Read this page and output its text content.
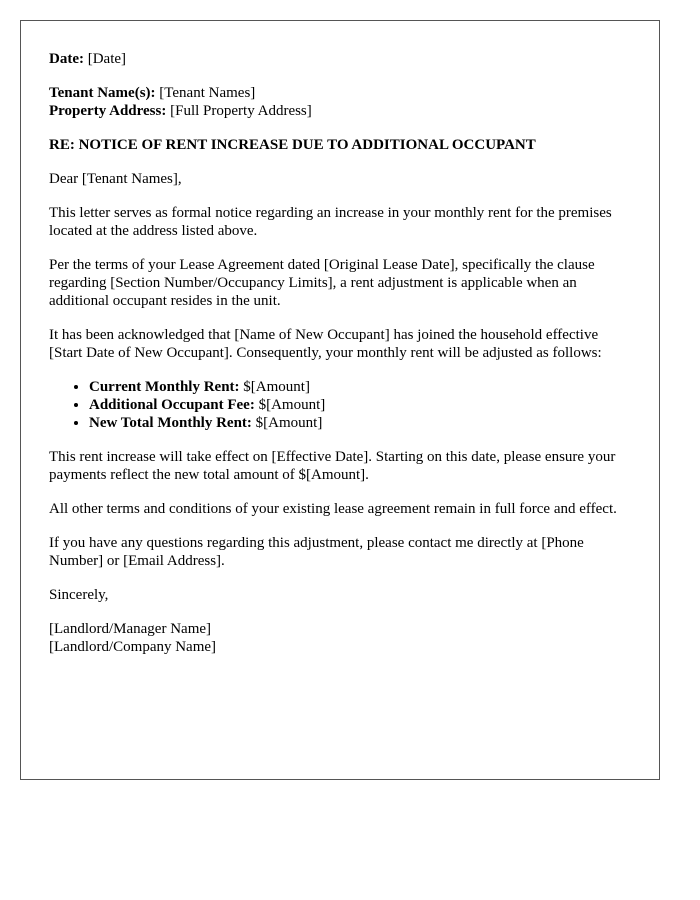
Date: [Date]

Tenant Name(s): [Tenant Names]
Property Address: [Full Property Address]

RE: NOTICE OF RENT INCREASE DUE TO ADDITIONAL OCCUPANT

Dear [Tenant Names],

This letter serves as formal notice regarding an increase in your monthly rent for the premises located at the address listed above.

Per the terms of your Lease Agreement dated [Original Lease Date], specifically the clause regarding [Section Number/Occupancy Limits], a rent adjustment is applicable when an additional occupant resides in the unit.

It has been acknowledged that [Name of New Occupant] has joined the household effective [Start Date of New Occupant]. Consequently, your monthly rent will be adjusted as follows:

• Current Monthly Rent: $[Amount]
• Additional Occupant Fee: $[Amount]
• New Total Monthly Rent: $[Amount]

This rent increase will take effect on [Effective Date]. Starting on this date, please ensure your payments reflect the new total amount of $[Amount].

All other terms and conditions of your existing lease agreement remain in full force and effect.

If you have any questions regarding this adjustment, please contact me directly at [Phone Number] or [Email Address].

Sincerely,

[Landlord/Manager Name]
[Landlord/Company Name]
